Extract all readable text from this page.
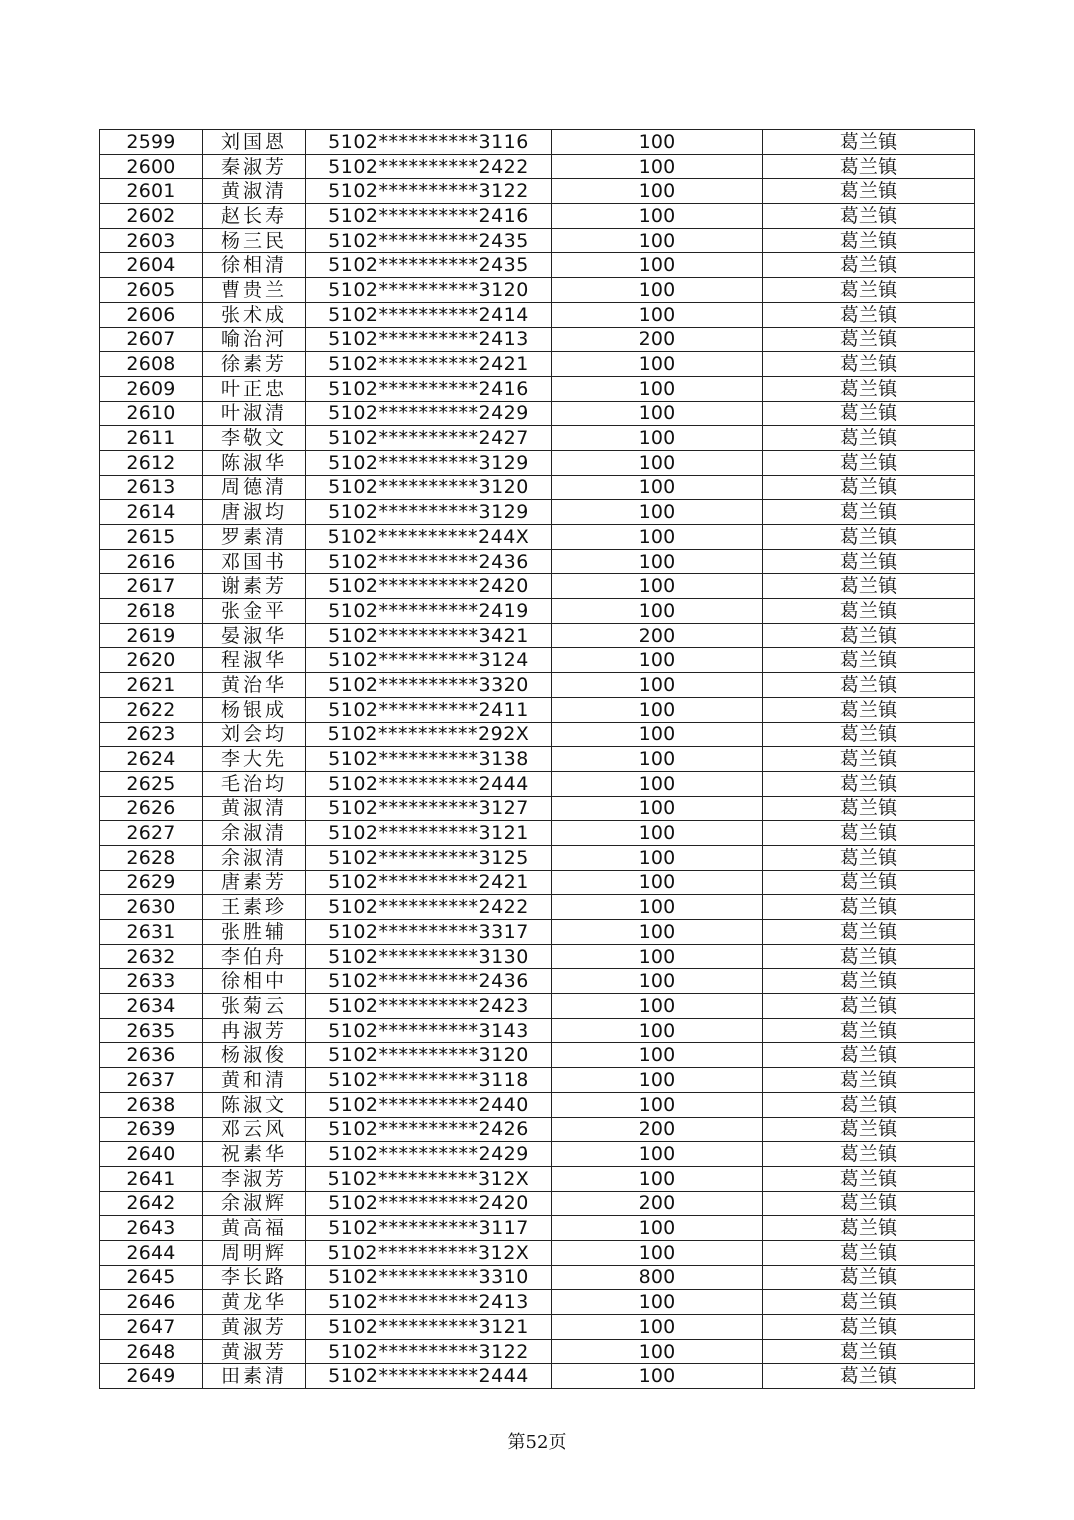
2599	刘国恩	5102**********3116	100	葛兰镇
2600	秦淑芳	5102**********2422	100	葛兰镇
2601	黄淑清	5102**********3122	100	葛兰镇
2602	赵长寿	5102**********2416	100	葛兰镇
2603	杨三民	5102**********2435	100	葛兰镇
2604	徐相清	5102**********2435	100	葛兰镇
2605	曹贵兰	5102**********3120	100	葛兰镇
2606	张术成	5102**********2414	100	葛兰镇
2607	喻治河	5102**********2413	200	葛兰镇
2608	徐素芳	5102**********2421	100	葛兰镇
2609	叶正忠	5102**********2416	100	葛兰镇
2610	叶淑清	5102**********2429	100	葛兰镇
2611	李敬文	5102**********2427	100	葛兰镇
2612	陈淑华	5102**********3129	100	葛兰镇
2613	周德清	5102**********3120	100	葛兰镇
2614	唐淑均	5102**********3129	100	葛兰镇
2615	罗素清	5102**********244X	100	葛兰镇
2616	邓国书	5102**********2436	100	葛兰镇
2617	谢素芳	5102**********2420	100	葛兰镇
2618	张金平	5102**********2419	100	葛兰镇
2619	晏淑华	5102**********3421	200	葛兰镇
2620	程淑华	5102**********3124	100	葛兰镇
2621	黄治华	5102**********3320	100	葛兰镇
2622	杨银成	5102**********2411	100	葛兰镇
2623	刘会均	5102**********292X	100	葛兰镇
2624	李大先	5102**********3138	100	葛兰镇
2625	毛治均	5102**********2444	100	葛兰镇
2626	黄淑清	5102**********3127	100	葛兰镇
2627	余淑清	5102**********3121	100	葛兰镇
2628	余淑清	5102**********3125	100	葛兰镇
2629	唐素芳	5102**********2421	100	葛兰镇
2630	王素珍	5102**********2422	100	葛兰镇
2631	张胜辅	5102**********3317	100	葛兰镇
2632	李伯舟	5102**********3130	100	葛兰镇
2633	徐相中	5102**********2436	100	葛兰镇
2634	张菊云	5102**********2423	100	葛兰镇
2635	冉淑芳	5102**********3143	100	葛兰镇
2636	杨淑俊	5102**********3120	100	葛兰镇
2637	黄和清	5102**********3118	100	葛兰镇
2638	陈淑文	5102**********2440	100	葛兰镇
2639	邓云风	5102**********2426	200	葛兰镇
2640	祝素华	5102**********2429	100	葛兰镇
2641	李淑芳	5102**********312X	100	葛兰镇
2642	余淑辉	5102**********2420	200	葛兰镇
2643	黄高福	5102**********3117	100	葛兰镇
2644	周明辉	5102**********312X	100	葛兰镇
2645	李长路	5102**********3310	800	葛兰镇
2646	黄龙华	5102**********2413	100	葛兰镇
2647	黄淑芳	5102**********3121	100	葛兰镇
2648	黄淑芳	5102**********3122	100	葛兰镇
2649	田素清	5102**********2444	100	葛兰镇
第52页
